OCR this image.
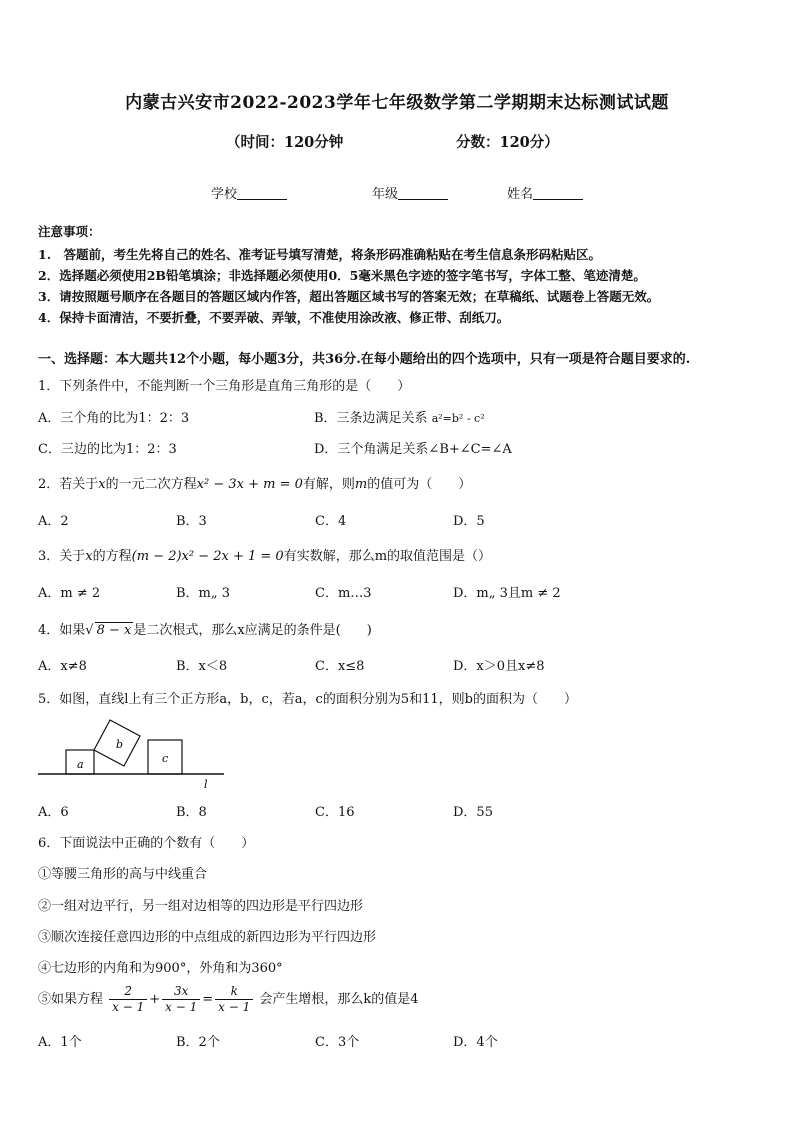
内蒙古兴安市2022-2023学年七年级数学第二学期期末达标测试试题
（时间：120分钟	分数：120分）
学校	年级	姓名
注意事项：
1.　答题前，考生先将自己的姓名、准考证号填写清楚，将条形码准确粘贴在考生信息条形码粘贴区。
2．选择题必须使用2B铅笔填涂；非选择题必须使用0．5毫米黑色字迹的签字笔书写，字体工整、笔迹清楚。
3．请按照题号顺序在各题目的答题区域内作答，超出答题区域书写的答案无效；在草稿纸、试题卷上答题无效。
4．保持卡面清洁，不要折叠，不要弄破、弄皱，不准使用涂改液、修正带、刮纸刀。
一、选择题：本大题共12个小题，每小题3分，共36分.在每小题给出的四个选项中，只有一项是符合题目要求的.
1．下列条件中，不能判断一个三角形是直角三角形的是（　　）
A．三个角的比为1：2：3	B．三条边满足关系 a²=b² - c²
C．三边的比为1：2：3	D．三个角满足关系∠B+∠C=∠A
2．若关于x的一元二次方程x² − 3x + m = 0有解，则m的值可为（　　）
A．2	B．3	C．4	D．5
3．关于x的方程(m − 2)x² − 2x + 1 = 0有实数解，那么m的取值范围是（）
A．m ≠ 2	B．m„ 3	C．m…3	D．m„ 3且m ≠ 2
4．如果√ 8 − x 是二次根式，那么x应满足的条件是(　　)
A．x≠8	B．x＜8	C．x≤8	D．x＞0且x≠8
5．如图，直线l上有三个正方形a，b，c，若a，c的面积分别为5和11，则b的面积为（　　）
a
b
c
l
A．6	B．8	C．16	D．55
6．下面说法中正确的个数有（　　）
①等腰三角形的高与中线重合
②一组对边平行，另一组对边相等的四边形是平行四边形
③顺次连接任意四边形的中点组成的新四边形为平行四边形
④七边形的内角和为900°，外角和为360°
⑤如果方程 $\frac{2}{x - 1} + \frac{3x}{x - 1} = \frac{k}{x - 1}$ 会产生增根，那么k的值是4
A．1个	B．2个	C．3个	D．4个
